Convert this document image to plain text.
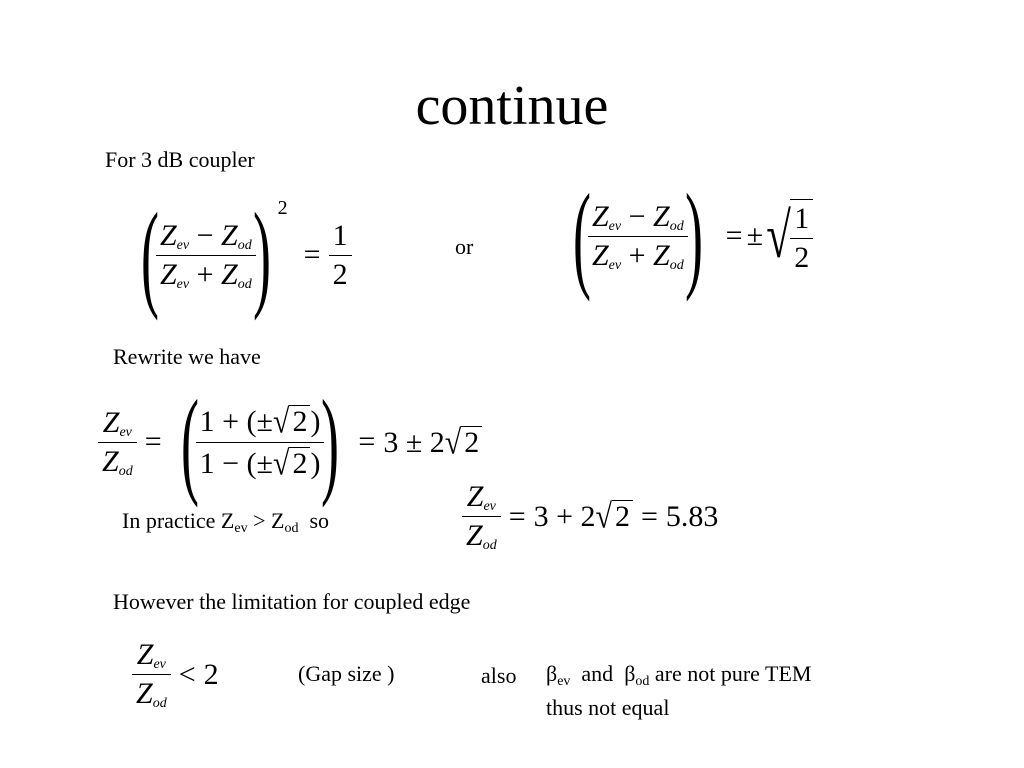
continue
For 3 dB coupler
(
$\frac{Z_{ev} - Z_{od}}{Z_{ev} + Z_{od}}$
) 2
= $\frac{1}{2}$	or (
$\frac{Z_{ev} - Z_{od}}{Z_{ev} + Z_{od}}$
) = ± √ $\frac{1}{2}$
Rewrite we have
$\frac{Z_{ev}}{Z_{od}}$ = (
$\frac{1 + (\pm√ 2 )}{1 - (\pm√ 2 )}$
) = 3 ± 2√ 2
In practice $Z_{ev} > Z_{od}$ so	$\frac{Z_{ev}}{Z_{od}} = 3 + 2√$ 2 = 5.83
However the limitation for coupled edge
$\frac{Z_{ev}}{Z_{od}} < 2$	(Gap size )	also $\beta_{ev}$ and $\beta_{od}$ are not pure TEM
thus not equal
